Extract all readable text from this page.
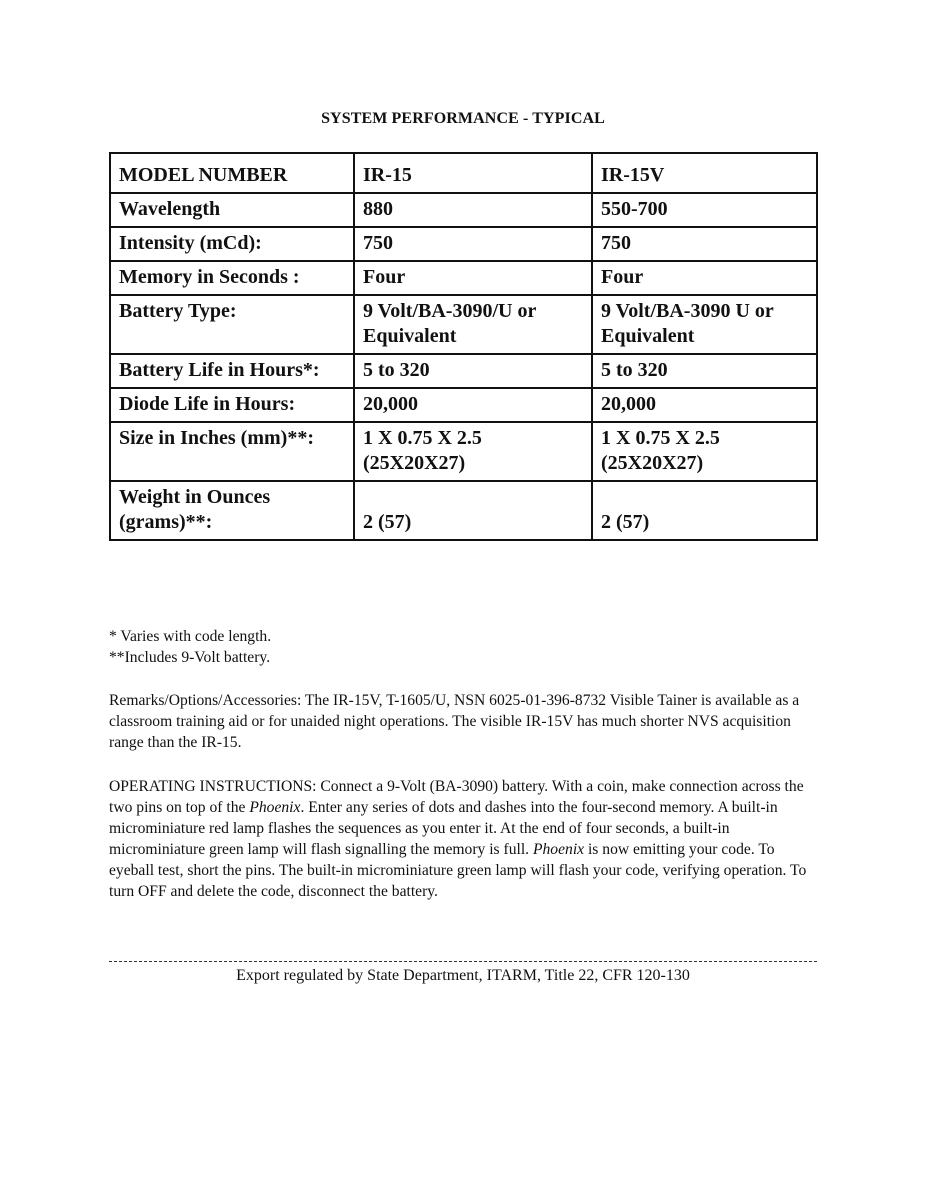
SYSTEM PERFORMANCE - TYPICAL
MODEL NUMBER	IR-15	IR-15V
Wavelength	880	550-700
Intensity (mCd):	750	750
Memory in Seconds :	Four	Four
Battery Type:	9 Volt/BA-3090/U or Equivalent	9 Volt/BA-3090 U or Equivalent
Battery Life in Hours*:	5 to 320	5 to 320
Diode Life in Hours:	20,000	20,000
Size in Inches (mm)**:	1 X 0.75 X 2.5 (25X20X27)	1 X 0.75 X 2.5 (25X20X27)
Weight in Ounces (grams)**:	2 (57)	2 (57)
* Varies with code length.
**Includes 9-Volt battery.
Remarks/Options/Accessories: The IR-15V, T-1605/U, NSN 6025-01-396-8732 Visible Tainer is available as a classroom training aid or for unaided night operations. The visible IR-15V has much shorter NVS acquisition range than the IR-15.
OPERATING INSTRUCTIONS: Connect a 9-Volt (BA-3090) battery. With a coin, make connection across the two pins on top of the Phoenix. Enter any series of dots and dashes into the four-second memory. A built-in microminiature red lamp flashes the sequences as you enter it. At the end of four seconds, a built-in microminiature green lamp will flash signalling the memory is full. Phoenix is now emitting your code. To eyeball test, short the pins. The built-in microminiature green lamp will flash your code, verifying operation. To turn OFF and delete the code, disconnect the battery.
Export regulated by State Department, ITARM, Title 22, CFR 120-130
